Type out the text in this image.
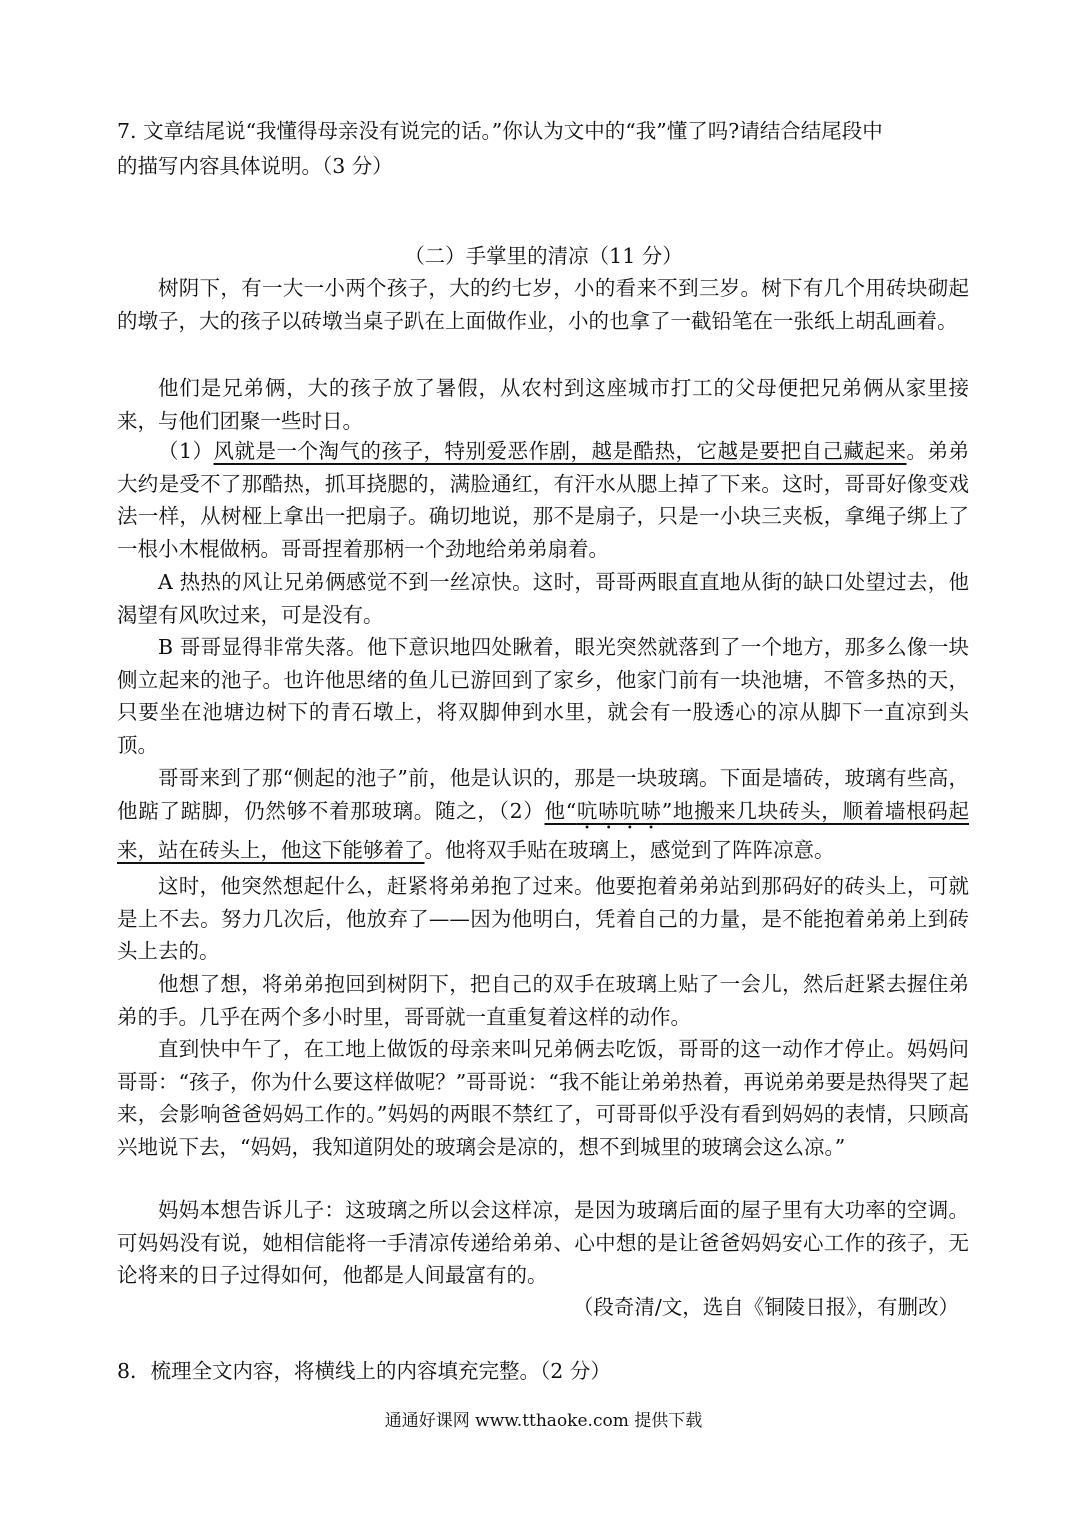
7. 文章结尾说“我懂得母亲没有说完的话。”你认为文中的“我”懂了吗?请结合结尾段中
的描写内容具体说明。（3 分）
（二）手掌里的清凉（11 分）

树阴下，有一大一小两个孩子，大的约七岁，小的看来不到三岁。树下有几个用砖块砌起的墩子，大的孩子以砖墩当桌子趴在上面做作业，小的也拿了一截铅笔在一张纸上胡乱画着。

他们是兄弟俩，大的孩子放了暑假，从农村到这座城市打工的父母便把兄弟俩从家里接来，与他们团聚一些时日。

（1）风就是一个淘气的孩子，特别爱恶作剧，越是酷热，它越是要把自己藏起来。弟弟大约是受不了那酷热，抓耳挠腮的，满脸通红，有汗水从腮上掉了下来。这时，哥哥好像变戏法一样，从树桠上拿出一把扇子。确切地说，那不是扇子，只是一小块三夹板，拿绳子绑上了一根小木棍做柄。哥哥捏着那柄一个劲地给弟弟扇着。

A 热热的风让兄弟俩感觉不到一丝凉快。这时，哥哥两眼直直地从街的缺口处望过去，他渴望有风吹过来，可是没有。

B 哥哥显得非常失落。他下意识地四处瞅着，眼光突然就落到了一个地方，那多么像一块侧立起来的池子。也许他思绪的鱼儿已游回到了家乡，他家门前有一块池塘，不管多热的天，只要坐在池塘边树下的青石墩上，将双脚伸到水里，就会有一股透心的凉从脚下一直凉到头顶。

哥哥来到了那“侧起的池子”前，他是认识的，那是一块玻璃。下面是墙砖，玻璃有些高，他踮了踮脚，仍然够不着那玻璃。随之，（2）他“吭哧吭哧”地搬来几块砖头，顺着墙根码起来，站在砖头上，他这下能够着了。他将双手贴在玻璃上，感觉到了阵阵凉意。

这时，他突然想起什么，赶紧将弟弟抱了过来。他要抱着弟弟站到那码好的砖头上，可就是上不去。努力几次后，他放弃了——因为他明白，凭着自己的力量，是不能抱着弟弟上到砖头上去的。

他想了想，将弟弟抱回到树阴下，把自己的双手在玻璃上贴了一会儿，然后赶紧去握住弟弟的手。几乎在两个多小时里，哥哥就一直重复着这样的动作。

直到快中午了，在工地上做饭的母亲来叫兄弟俩去吃饭，哥哥的这一动作才停止。妈妈问哥哥：“孩子，你为什么要这样做呢？”哥哥说：“我不能让弟弟热着，再说弟弟要是热得哭了起来，会影响爸爸妈妈工作的。”妈妈的两眼不禁红了，可哥哥似乎没有看到妈妈的表情，只顾高兴地说下去，“妈妈，我知道阴处的玻璃会是凉的，想不到城里的玻璃会这么凉。”

妈妈本想告诉儿子：这玻璃之所以会这样凉，是因为玻璃后面的屋子里有大功率的空调。可妈妈没有说，她相信能将一手清凉传递给弟弟、心中想的是让爸爸妈妈安心工作的孩子，无论将来的日子过得如何，他都是人间最富有的。

（段奇清/文，选自《铜陵日报》，有删改）
8．梳理全文内容，将横线上的内容填充完整。（2 分）
通通好课网 www.tthaoke.com 提供下载
